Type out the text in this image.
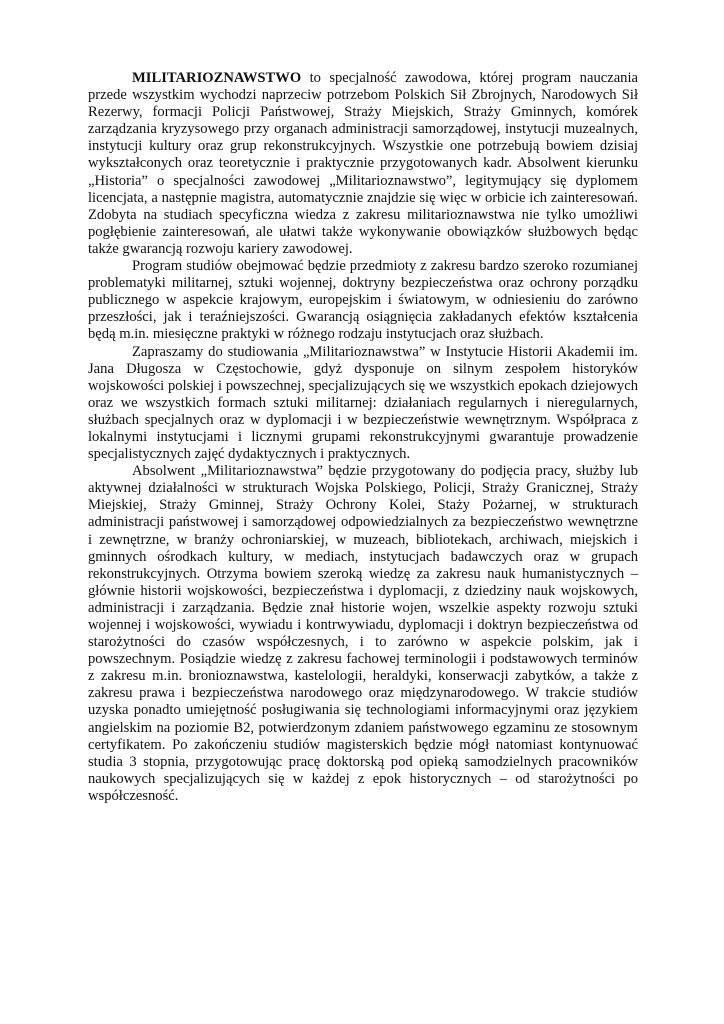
MILITARIOZNAWSTWO to specjalność zawodowa, której program nauczania przede wszystkim wychodzi naprzeciw potrzebom Polskich Sił Zbrojnych, Narodowych Sił Rezerwy, formacji Policji Państwowej, Straży Miejskich, Straży Gminnych, komórek zarządzania kryzysowego przy organach administracji samorządowej, instytucji muzealnych, instytucji kultury oraz grup rekonstrukcyjnych. Wszystkie one potrzebują bowiem dzisiaj wykształconych oraz teoretycznie i praktycznie przygotowanych kadr. Absolwent kierunku „Historia” o specjalności zawodowej „Militarioznawstwo”, legitymujący się dyplomem licencjata, a następnie magistra, automatycznie znajdzie się więc w orbicie ich zainteresowań. Zdobyta na studiach specyficzna wiedza z zakresu militarioznawstwa nie tylko umożliwi pogłębienie zainteresowań, ale ułatwi także wykonywanie obowiązków służbowych będąc także gwarancją rozwoju kariery zawodowej.

Program studiów obejmować będzie przedmioty z zakresu bardzo szeroko rozumianej problematyki militarnej, sztuki wojennej, doktryny bezpieczeństwa oraz ochrony porządku publicznego w aspekcie krajowym, europejskim i światowym, w odniesieniu do zarówno przeszłości, jak i teraźniejszości. Gwarancją osiągnięcia zakładanych efektów kształcenia będą m.in. miesięczne praktyki w różnego rodzaju instytucjach oraz służbach.

Zapraszamy do studiowania „Militarioznawstwa” w Instytucie Historii Akademii im. Jana Długosza w Częstochowie, gdyż dysponuje on silnym zespołem historyków wojskowości polskiej i powszechnej, specjalizujących się we wszystkich epokach dziejowych oraz we wszystkich formach sztuki militarnej: działaniach regularnych i nieregularnych, służbach specjalnych oraz w dyplomacji i w bezpieczeństwie wewnętrznym. Współpraca z lokalnymi instytucjami i licznymi grupami rekonstrukcyjnymi gwarantuje prowadzenie specjalistycznych zajęć dydaktycznych i praktycznych.

Absolwent „Militarioznawstwa” będzie przygotowany do podjęcia pracy, służby lub aktywnej działalności w strukturach Wojska Polskiego, Policji, Straży Granicznej, Straży Miejskiej, Straży Gminnej, Straży Ochrony Kolei, Staży Pożarnej, w strukturach administracji państwowej i samorządowej odpowiedzialnych za bezpieczeństwo wewnętrzne i zewnętrzne, w branży ochroniarskiej, w muzeach, bibliotekach, archiwach, miejskich i gminnych ośrodkach kultury, w mediach, instytucjach badawczych oraz w grupach rekonstrukcyjnych. Otrzyma bowiem szeroką wiedzę za zakresu nauk humanistycznych – głównie historii wojskowości, bezpieczeństwa i dyplomacji, z dziedziny nauk wojskowych, administracji i zarządzania. Będzie znał historie wojen, wszelkie aspekty rozwoju sztuki wojennej i wojskowości, wywiadu i kontrwywiadu, dyplomacji i doktryn bezpieczeństwa od starożytności do czasów współczesnych, i to zarówno w aspekcie polskim, jak i powszechnym. Posiądzie wiedzę z zakresu fachowej terminologii i podstawowych terminów z zakresu m.in. bronioznawstwa, kastelologii, heraldyki, konserwacji zabytków, a także z zakresu prawa i bezpieczeństwa narodowego oraz międzynarodowego. W trakcie studiów uzyska ponadto umiejętność posługiwania się technologiami informacyjnymi oraz językiem angielskim na poziomie B2, potwierdzonym zdaniem państwowego egzaminu ze stosownym certyfikatem. Po zakończeniu studiów magisterskich będzie mógł natomiast kontynuować studia 3 stopnia, przygotowując pracę doktorską pod opieką samodzielnych pracowników naukowych specjalizujących się w każdej z epok historycznych – od starożytności po współczesność.
